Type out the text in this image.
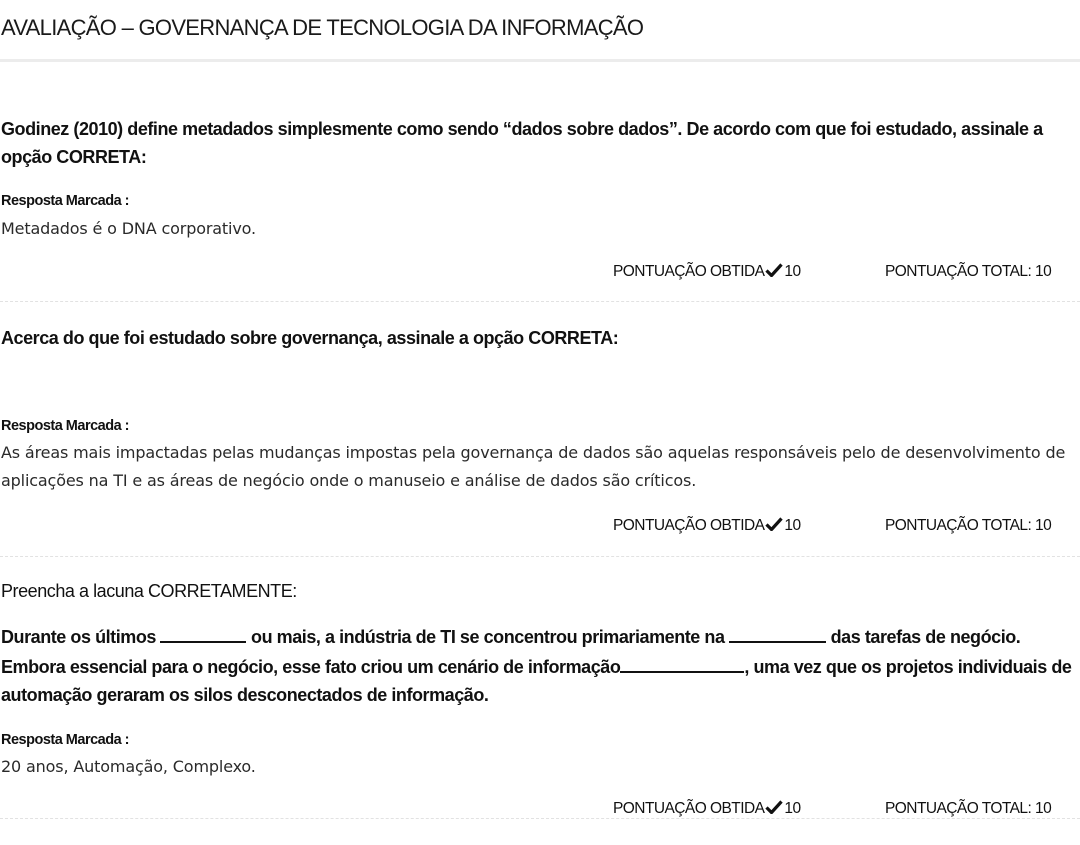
AVALIAÇÃO – GOVERNANÇA DE TECNOLOGIA DA INFORMAÇÃO

Godinez (2010) define metadados simplesmente como sendo “dados sobre dados”. De acordo com que foi estudado, assinale a opção CORRETA:

Resposta Marcada :

Metadados é o DNA corporativo.

PONTUAÇÃO OBTIDA 10	PONTUAÇÃO TOTAL: 10

Acerca do que foi estudado sobre governança, assinale a opção CORRETA:

Resposta Marcada :

As áreas mais impactadas pelas mudanças impostas pela governança de dados são aquelas responsáveis pelo de desenvolvimento de aplicações na TI e as áreas de negócio onde o manuseio e análise de dados são críticos.

PONTUAÇÃO OBTIDA 10	PONTUAÇÃO TOTAL: 10

Preencha a lacuna CORRETAMENTE:

Durante os últimos	ou mais, a indústria de TI se concentrou primariamente na	das tarefas de negócio. Embora essencial para o negócio, esse fato criou um cenário de informação	, uma vez que os projetos individuais de automação geraram os silos desconectados de informação.

Resposta Marcada :

20 anos, Automação, Complexo.

PONTUAÇÃO OBTIDA 10	PONTUAÇÃO TOTAL: 10
